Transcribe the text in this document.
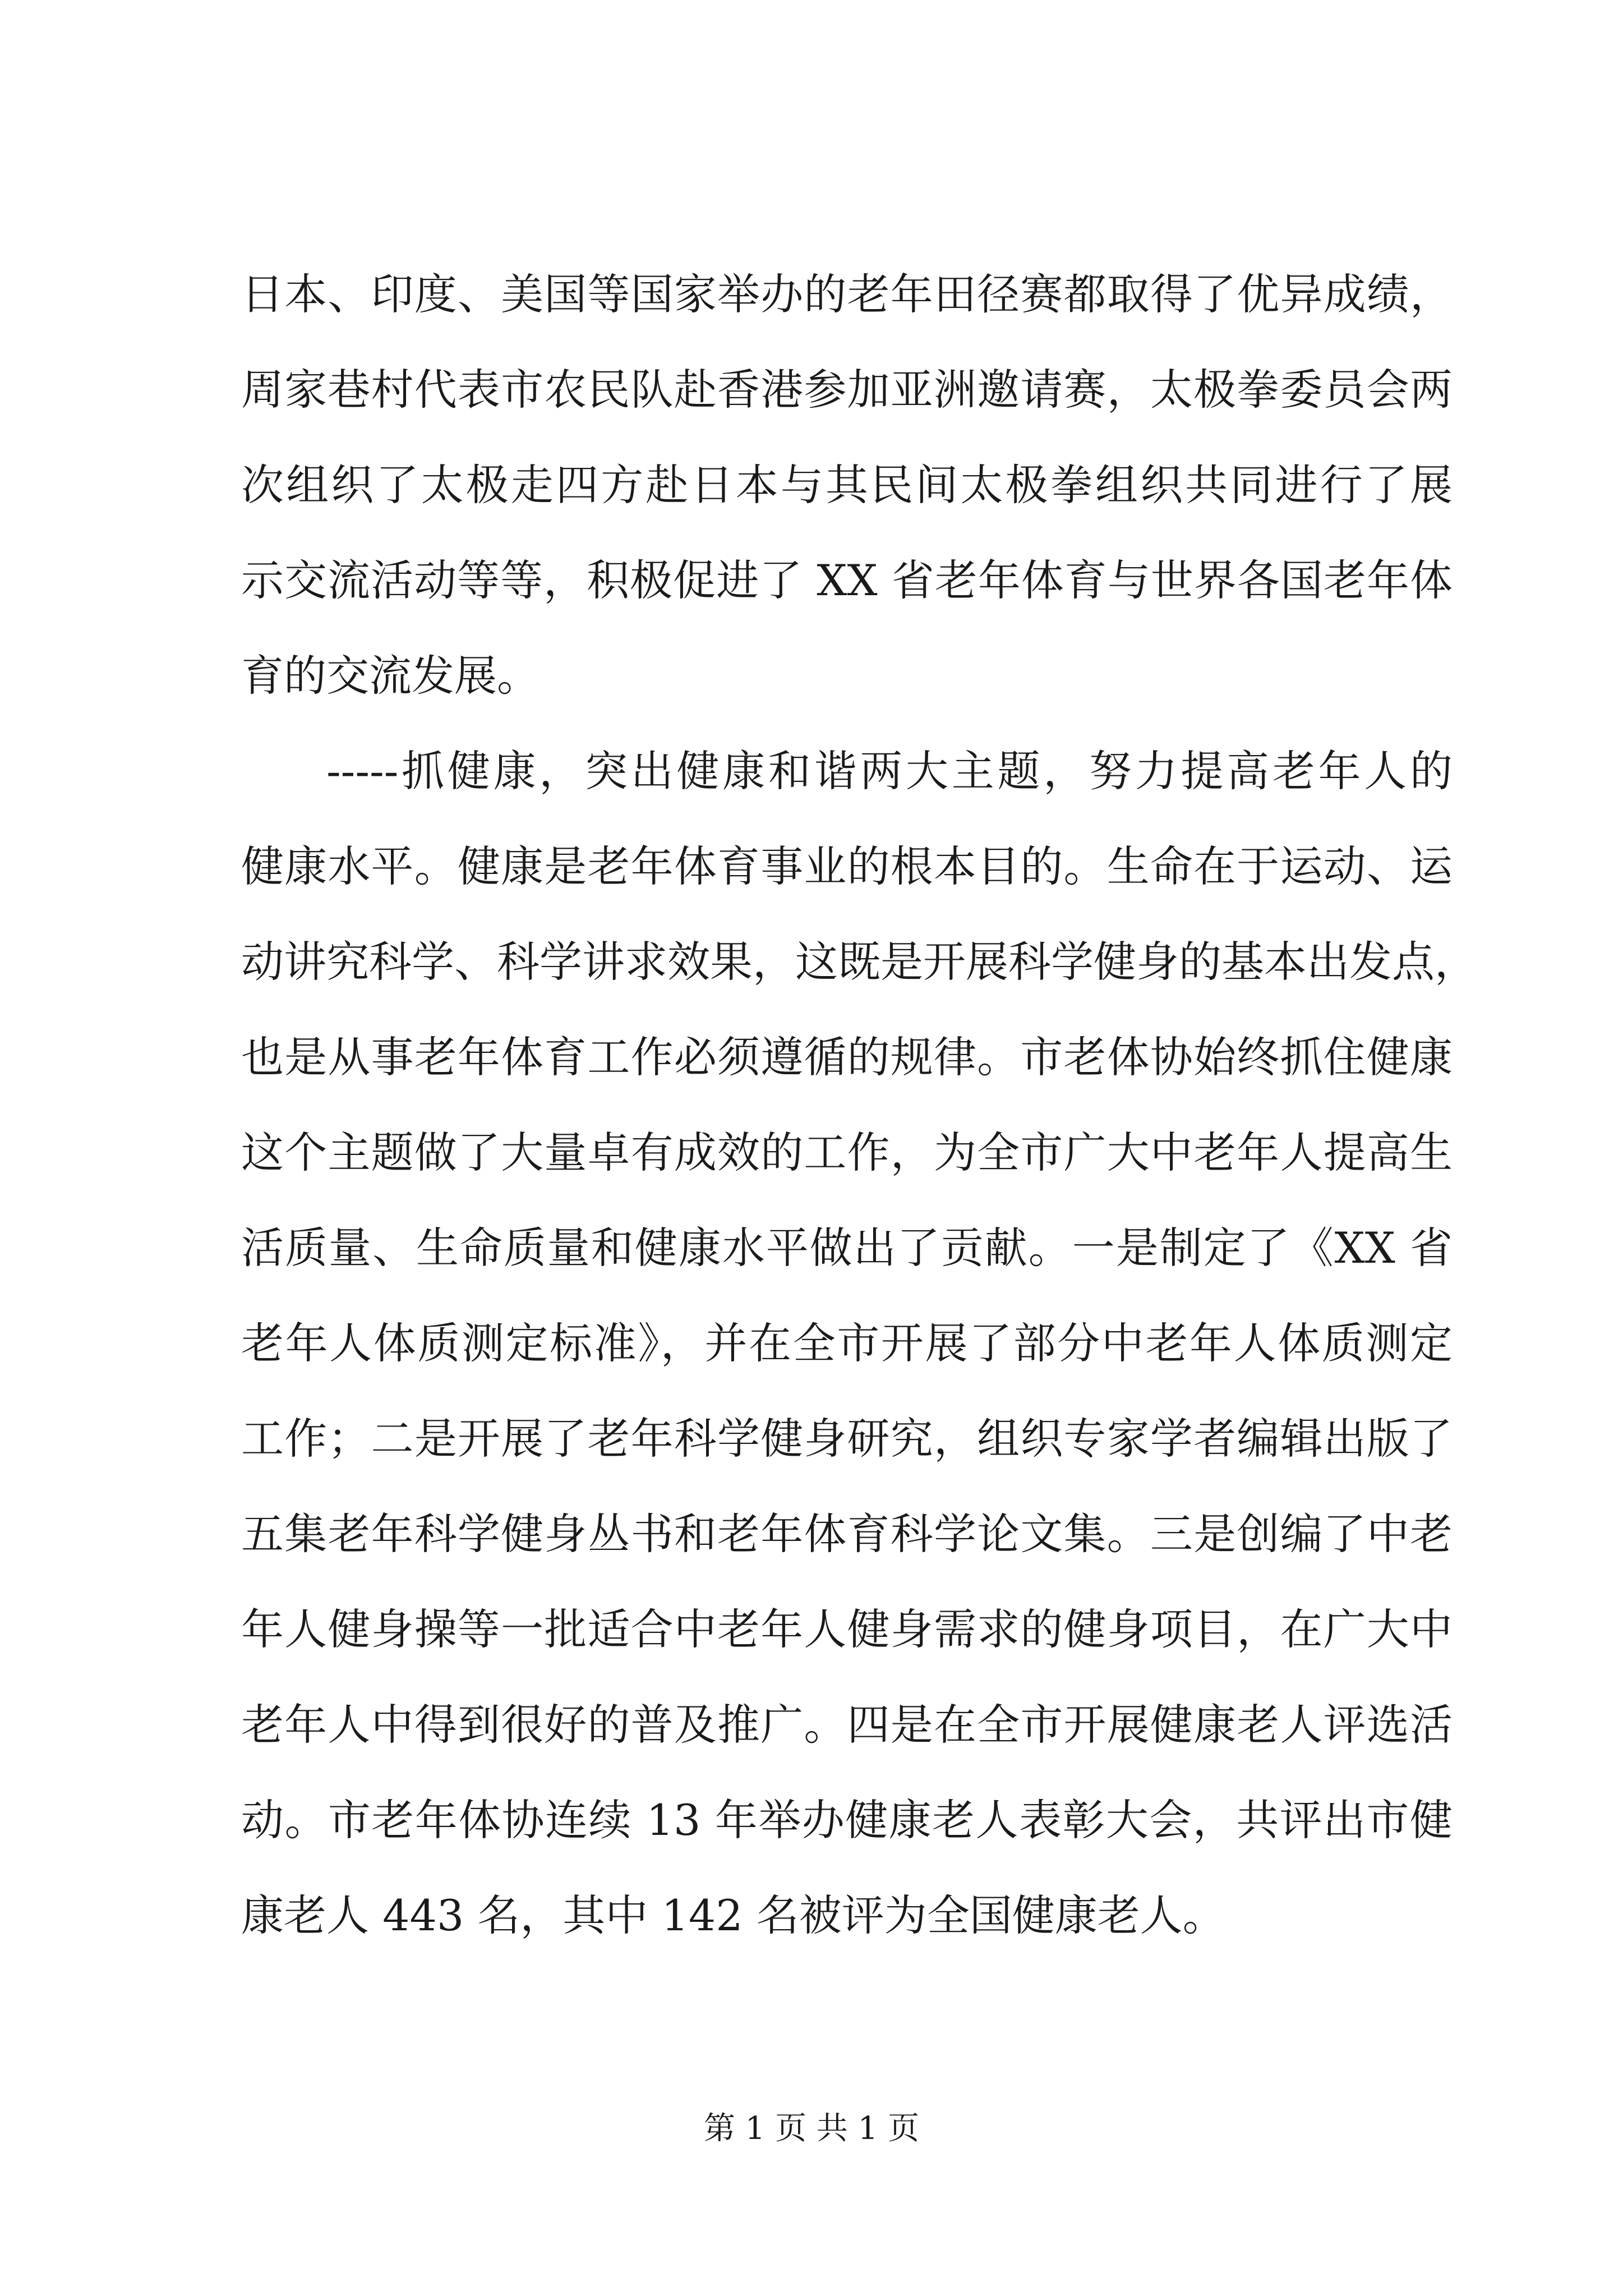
日本、印度、美国等国家举办的老年田径赛都取得了优异成绩，
周家巷村代表市农民队赴香港参加亚洲邀请赛，太极拳委员会两
次组织了太极走四方赴日本与其民间太极拳组织共同进行了展
示交流活动等等，积极促进了 XX 省老年体育与世界各国老年体
育的交流发展。
-----抓健康，突出健康和谐两大主题，努力提高老年人的
健康水平。健康是老年体育事业的根本目的。生命在于运动、运
动讲究科学、科学讲求效果，这既是开展科学健身的基本出发点，
也是从事老年体育工作必须遵循的规律。市老体协始终抓住健康
这个主题做了大量卓有成效的工作，为全市广大中老年人提高生
活质量、生命质量和健康水平做出了贡献。一是制定了《XX 省
老年人体质测定标准》，并在全市开展了部分中老年人体质测定
工作；二是开展了老年科学健身研究，组织专家学者编辑出版了
五集老年科学健身丛书和老年体育科学论文集。三是创编了中老
年人健身操等一批适合中老年人健身需求的健身项目，在广大中
老年人中得到很好的普及推广。四是在全市开展健康老人评选活
动。市老年体协连续 13 年举办健康老人表彰大会，共评出市健
康老人 443 名，其中 142 名被评为全国健康老人。
第 1 页 共 1 页
